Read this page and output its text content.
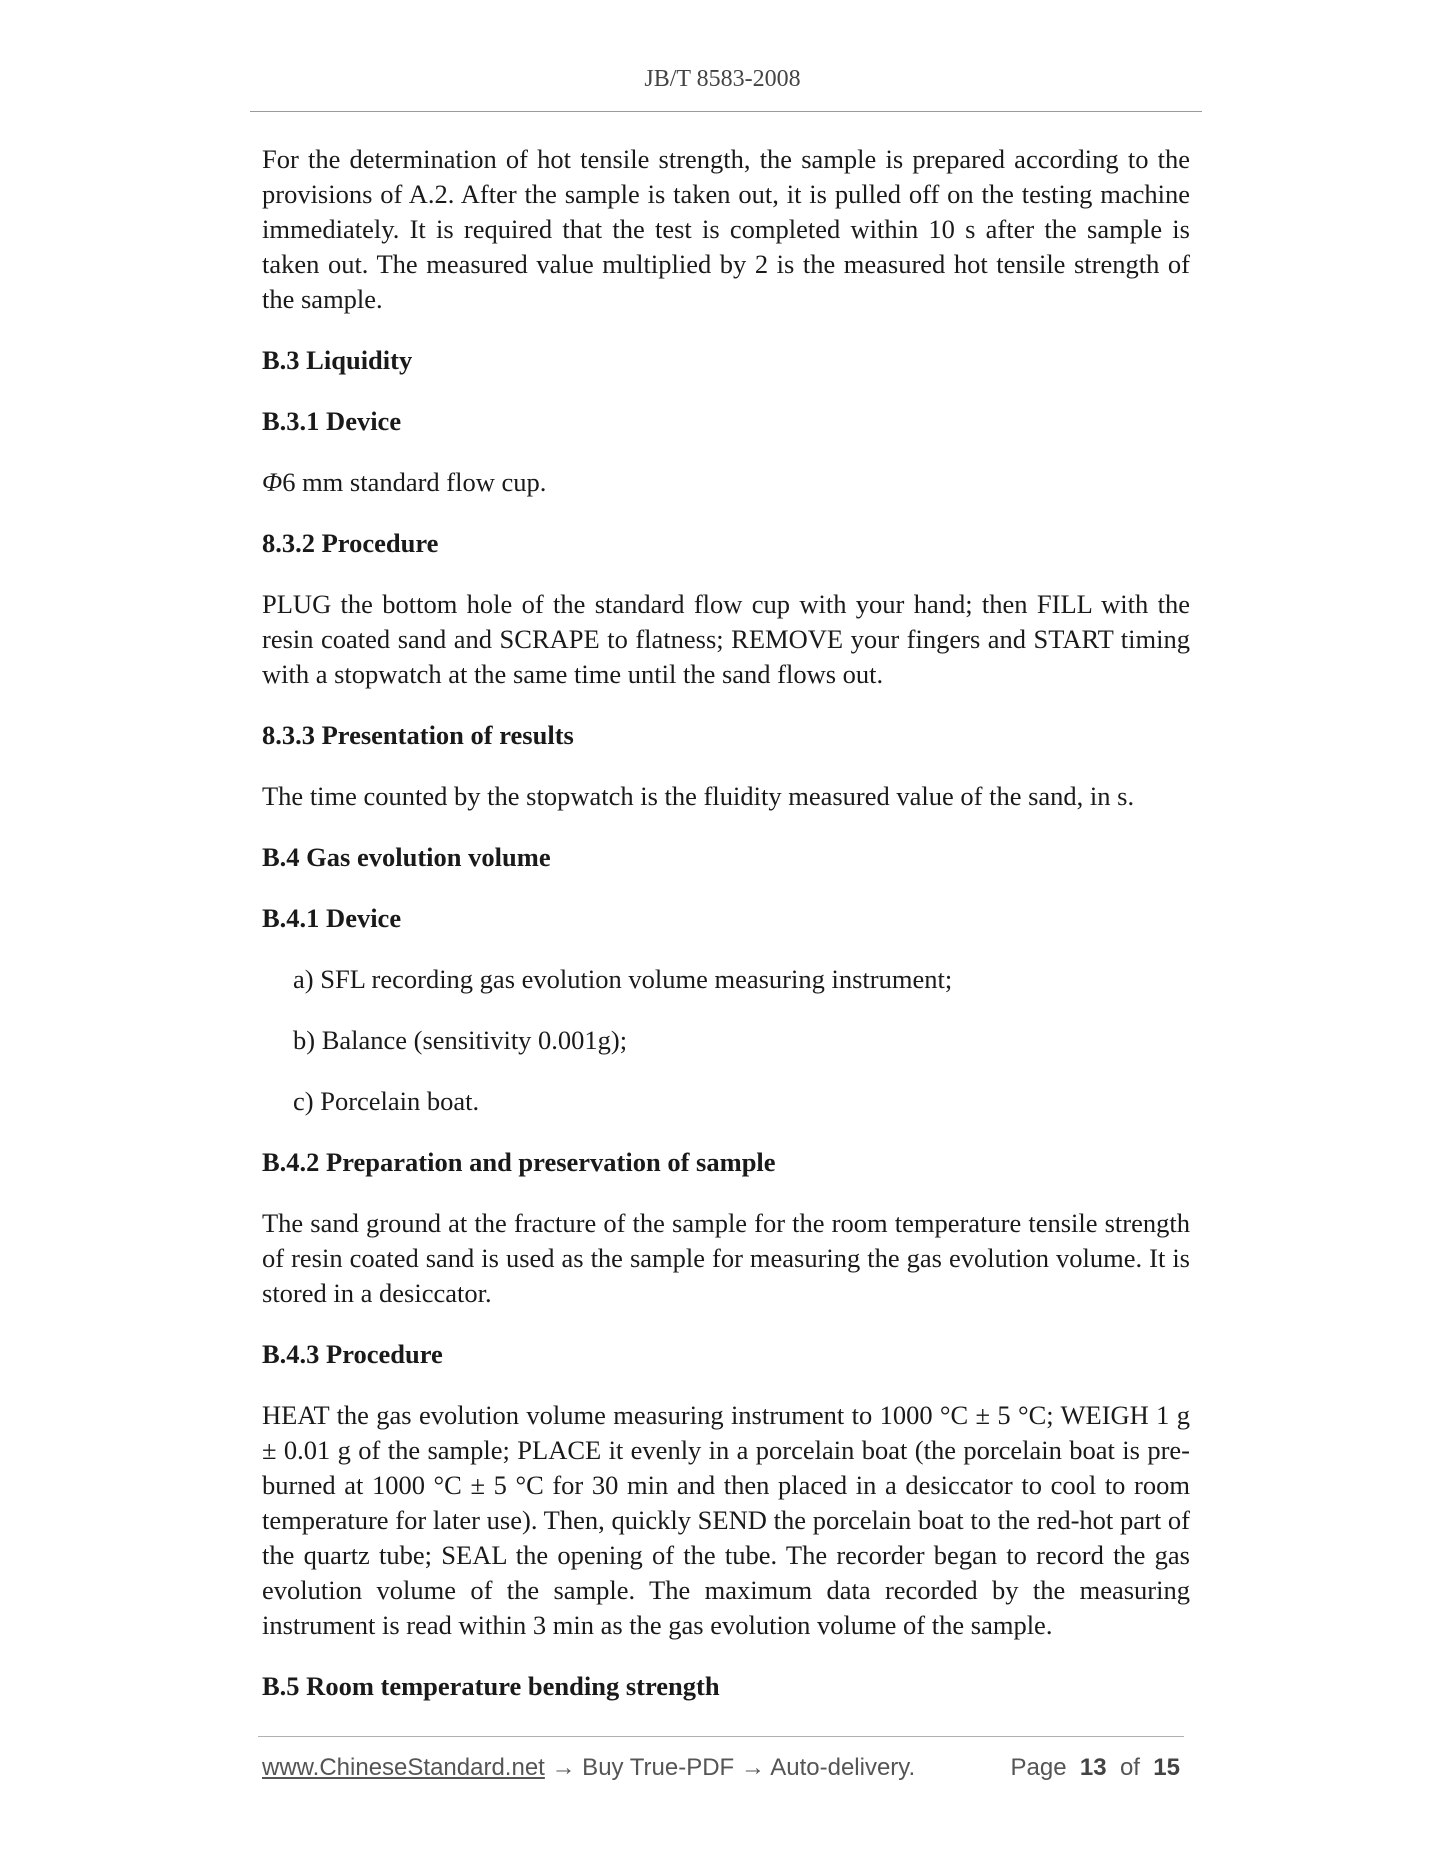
JB/T 8583-2008

For the determination of hot tensile strength, the sample is prepared according to the provisions of A.2. After the sample is taken out, it is pulled off on the testing machine immediately. It is required that the test is completed within 10 s after the sample is taken out. The measured value multiplied by 2 is the measured hot tensile strength of the sample.

B.3 Liquidity
B.3.1 Device

Φ6 mm standard flow cup.

8.3.2 Procedure

PLUG the bottom hole of the standard flow cup with your hand; then FILL with the resin coated sand and SCRAPE to flatness; REMOVE your fingers and START timing with a stopwatch at the same time until the sand flows out.

8.3.3 Presentation of results

The time counted by the stopwatch is the fluidity measured value of the sand, in s.

B.4 Gas evolution volume
B.4.1 Device
a) SFL recording gas evolution volume measuring instrument;
b) Balance (sensitivity 0.001g);
c) Porcelain boat.
B.4.2 Preparation and preservation of sample

The sand ground at the fracture of the sample for the room temperature tensile strength of resin coated sand is used as the sample for measuring the gas evolution volume. It is stored in a desiccator.

B.4.3 Procedure

HEAT the gas evolution volume measuring instrument to 1000 °C ± 5 °C; WEIGH 1 g ± 0.01 g of the sample; PLACE it evenly in a porcelain boat (the porcelain boat is pre-burned at 1000 °C ± 5 °C for 30 min and then placed in a desiccator to cool to room temperature for later use). Then, quickly SEND the porcelain boat to the red-hot part of the quartz tube; SEAL the opening of the tube. The recorder began to record the gas evolution volume of the sample. The maximum data recorded by the measuring instrument is read within 3 min as the gas evolution volume of the sample.

B.5 Room temperature bending strength
www.ChineseStandard.net → Buy True-PDF → Auto-delivery.	Page 13 of 15
